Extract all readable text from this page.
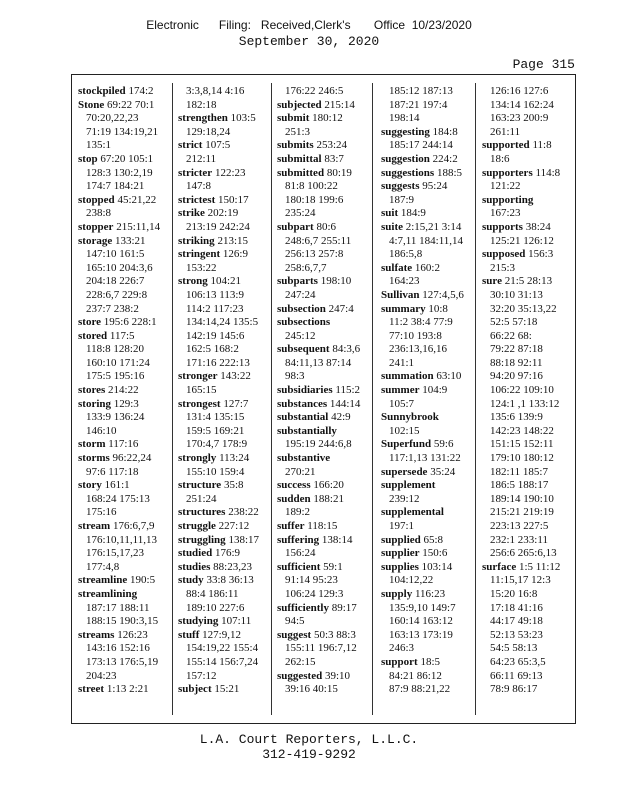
Electronic      Filing:   Received,Clerk's       Office  10/23/2020
September 30, 2020
Page 315
stockpiled 174:2
Stone 69:22 70:1
70:20,22,23
71:19 134:19,21
135:1
stop 67:20 105:1
128:3 130:2,19
174:7 184:21
stopped 45:21,22
238:8
stopper 215:11,14
storage 133:21
147:10 161:5
165:10 204:3,6
204:18 226:7
228:6,7 229:8
237:7 238:2
store 195:6 228:1
stored 117:5
118:8 128:20
160:10 171:24
175:5 195:16
stores 214:22
storing 129:3
133:9 136:24
146:10
storm 117:16
storms 96:22,24
97:6 117:18
story 161:1
168:24 175:13
175:16
stream 176:6,7,9
176:10,11,11,13
176:15,17,23
177:4,8
streamline 190:5
streamlining
187:17 188:11
188:15 190:3,15
streams 126:23
143:16 152:16
173:13 176:5,19
204:23
street 1:13 2:21
3:3,8,14 4:16
182:18
strengthen 103:5
129:18,24
strict 107:5
212:11
stricter 122:23
147:8
strictest 150:17
strike 202:19
213:19 242:24
striking 213:15
stringent 126:9
153:22
strong 104:21
106:13 113:9
114:2 117:23
134:14,24 135:5
142:19 145:6
162:5 168:2
171:16 222:13
stronger 143:22
165:15
strongest 127:7
131:4 135:15
159:5 169:21
170:4,7 178:9
strongly 113:24
155:10 159:4
structure 35:8
251:24
structures 238:22
struggle 227:12
struggling 138:17
studied 176:9
studies 88:23,23
study 33:8 36:13
88:4 186:11
189:10 227:6
studying 107:11
stuff 127:9,12
154:19,22 155:4
155:14 156:7,24
157:12
subject 15:21
176:22 246:5
subjected 215:14
submit 180:12
251:3
submits 253:24
submittal 83:7
submitted 80:19
81:8 100:22
180:18 199:6
235:24
subpart 80:6
248:6,7 255:11
256:13 257:8
258:6,7,7
subparts 198:10
247:24
subsection 247:4
subsections
245:12
subsequent 84:3,6
84:11,13 87:14
98:3
subsidiaries 115:2
substances 144:14
substantial 42:9
substantially
195:19 244:6,8
substantive
270:21
success 166:20
sudden 188:21
189:2
suffer 118:15
suffering 138:14
156:24
sufficient 59:1
91:14 95:23
106:24 129:3
sufficiently 89:17
94:5
suggest 50:3 88:3
155:11 196:7,12
262:15
suggested 39:10
39:16 40:15
185:12 187:13
187:21 197:4
198:14
suggesting 184:8
185:17 244:14
suggestion 224:2
suggestions 188:5
suggests 95:24
187:9
suit 184:9
suite 2:15,21 3:14
4:7,11 184:11,14
186:5,8
sulfate 160:2
164:23
Sullivan 127:4,5,6
summary 10:8
11:2 38:4 77:9
77:10 193:8
236:13,16,16
241:1
summation 63:10
summer 104:9
105:7
Sunnybrook
102:15
Superfund 59:6
117:1,13 131:22
supersede 35:24
supplement
239:12
supplemental
197:1
supplied 65:8
supplier 150:6
supplies 103:14
104:12,22
supply 116:23
135:9,10 149:7
160:14 163:12
163:13 173:19
246:3
support 18:5
84:21 86:12
87:9 88:21,22
126:16 127:6
134:14 162:24
163:23 200:9
261:11
supported 11:8
18:6
supporters 114:8
121:22
supporting
167:23
supports 38:24
125:21 126:12
supposed 156:3
215:3
sure 21:5 28:13
30:10 31:13
32:20 35:13,22
52:5 57:18
66:22 68:
79:22 87:18
88:18 92:11
94:20 97:16
106:22 109:10
124:1 ,1 133:12
135:6 139:9
142:23 148:22
151:15 152:11
179:10 180:12
182:11 185:7
186:5 188:17
189:14 190:10
215:21 219:19
223:13 227:5
232:1 233:11
256:6 265:6,13
surface 1:5 11:12
11:15,17 12:3
15:20 16:8
17:18 41:16
44:17 49:18
52:13 53:23
54:5 58:13
64:23 65:3,5
66:11 69:13
78:9 86:17
L.A. Court Reporters, L.L.C.
312-419-9292
